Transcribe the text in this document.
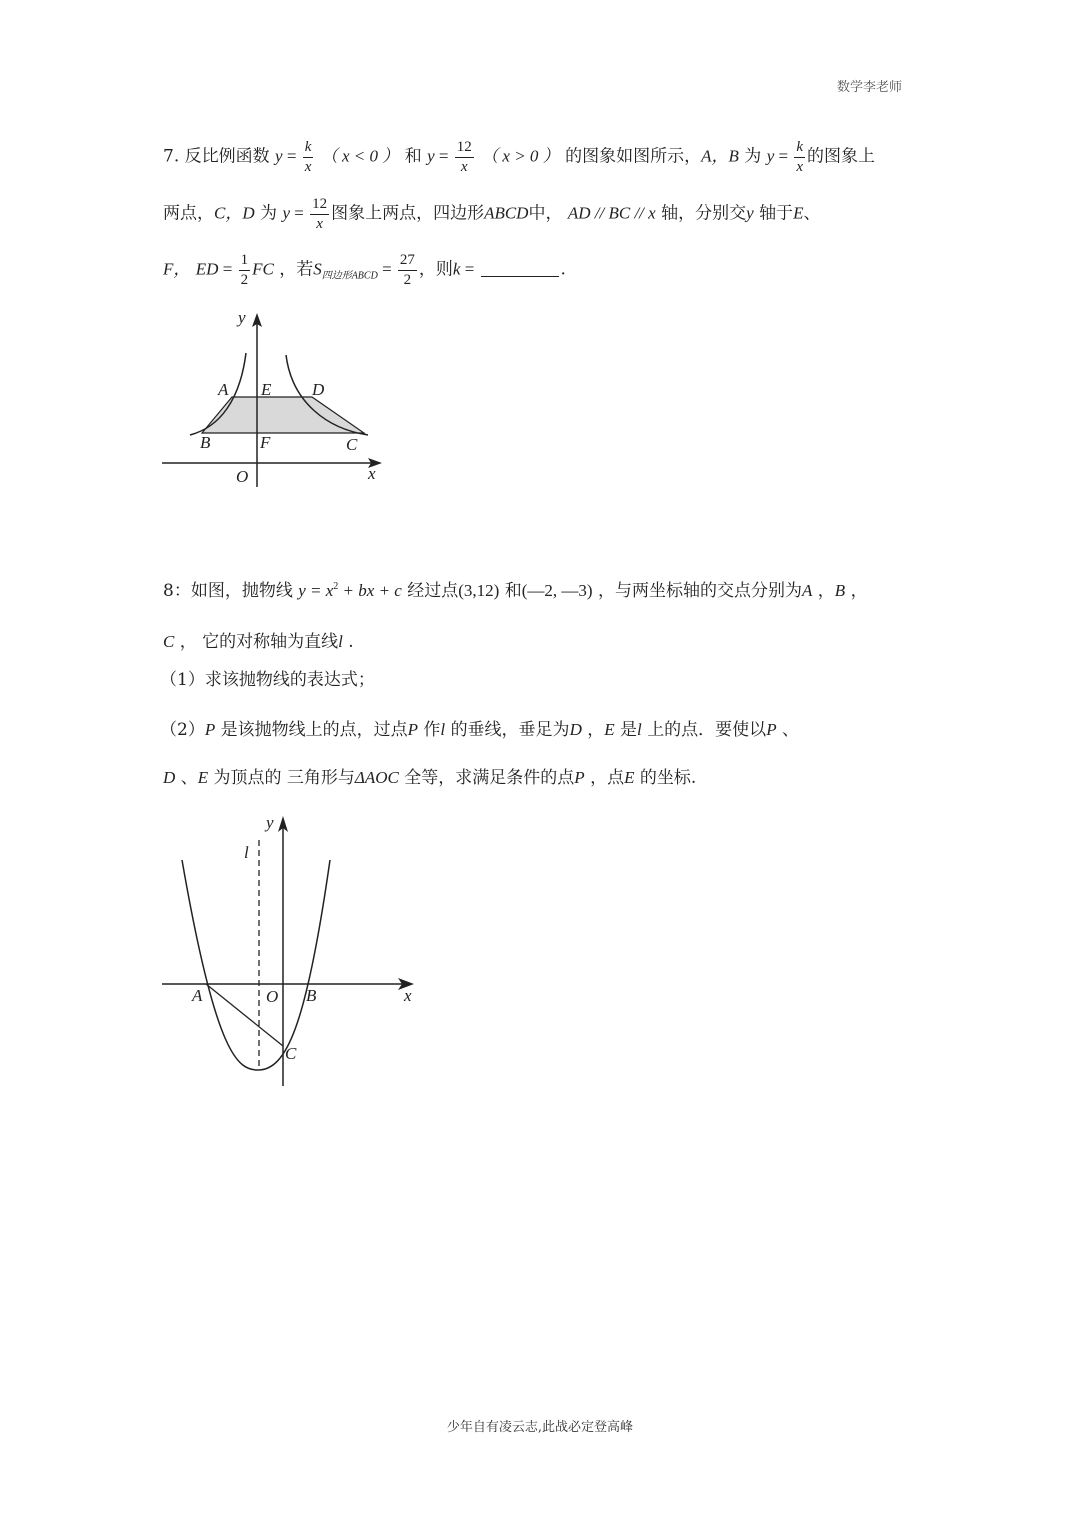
数学李老师
7. 反比例函数 $y = \frac{k}{x}$ （ x < 0 ） 和 $y = \frac{12}{x}$ （ x > 0 ） 的图象如图所示，A，B 为 $y = \frac{k}{x}$ 的图象上
两点，C，D 为 $y = \frac{12}{x}$ 图象上两点，四边形ABCD中， AD // BC // x 轴，分别交y 轴于E、
F， ED = $\frac{1}{2}$ FC ，若$S_{四边形ABCD} = \frac{27}{2}$ ，则k =	.
y
x
O
A E D
B	F	C
8：如图，抛物线 $y = x^2$ + bx + c 经过点(3,12) 和(—2, —3) ，与两坐标轴的交点分别为A ，B ，
C ， 它的对称轴为直线l .
（1）求该抛物线的表达式；
（2）P 是该抛物线上的点，过点P 作l 的垂线，垂足为D ，E 是l 上的点．要使以P 、
D 、E 为顶点的 三角形与ΔAOC 全等，求满足条件的点P ，点E 的坐标.
y
l
x
A	O B
C
少年自有凌云志,此战必定登高峰
